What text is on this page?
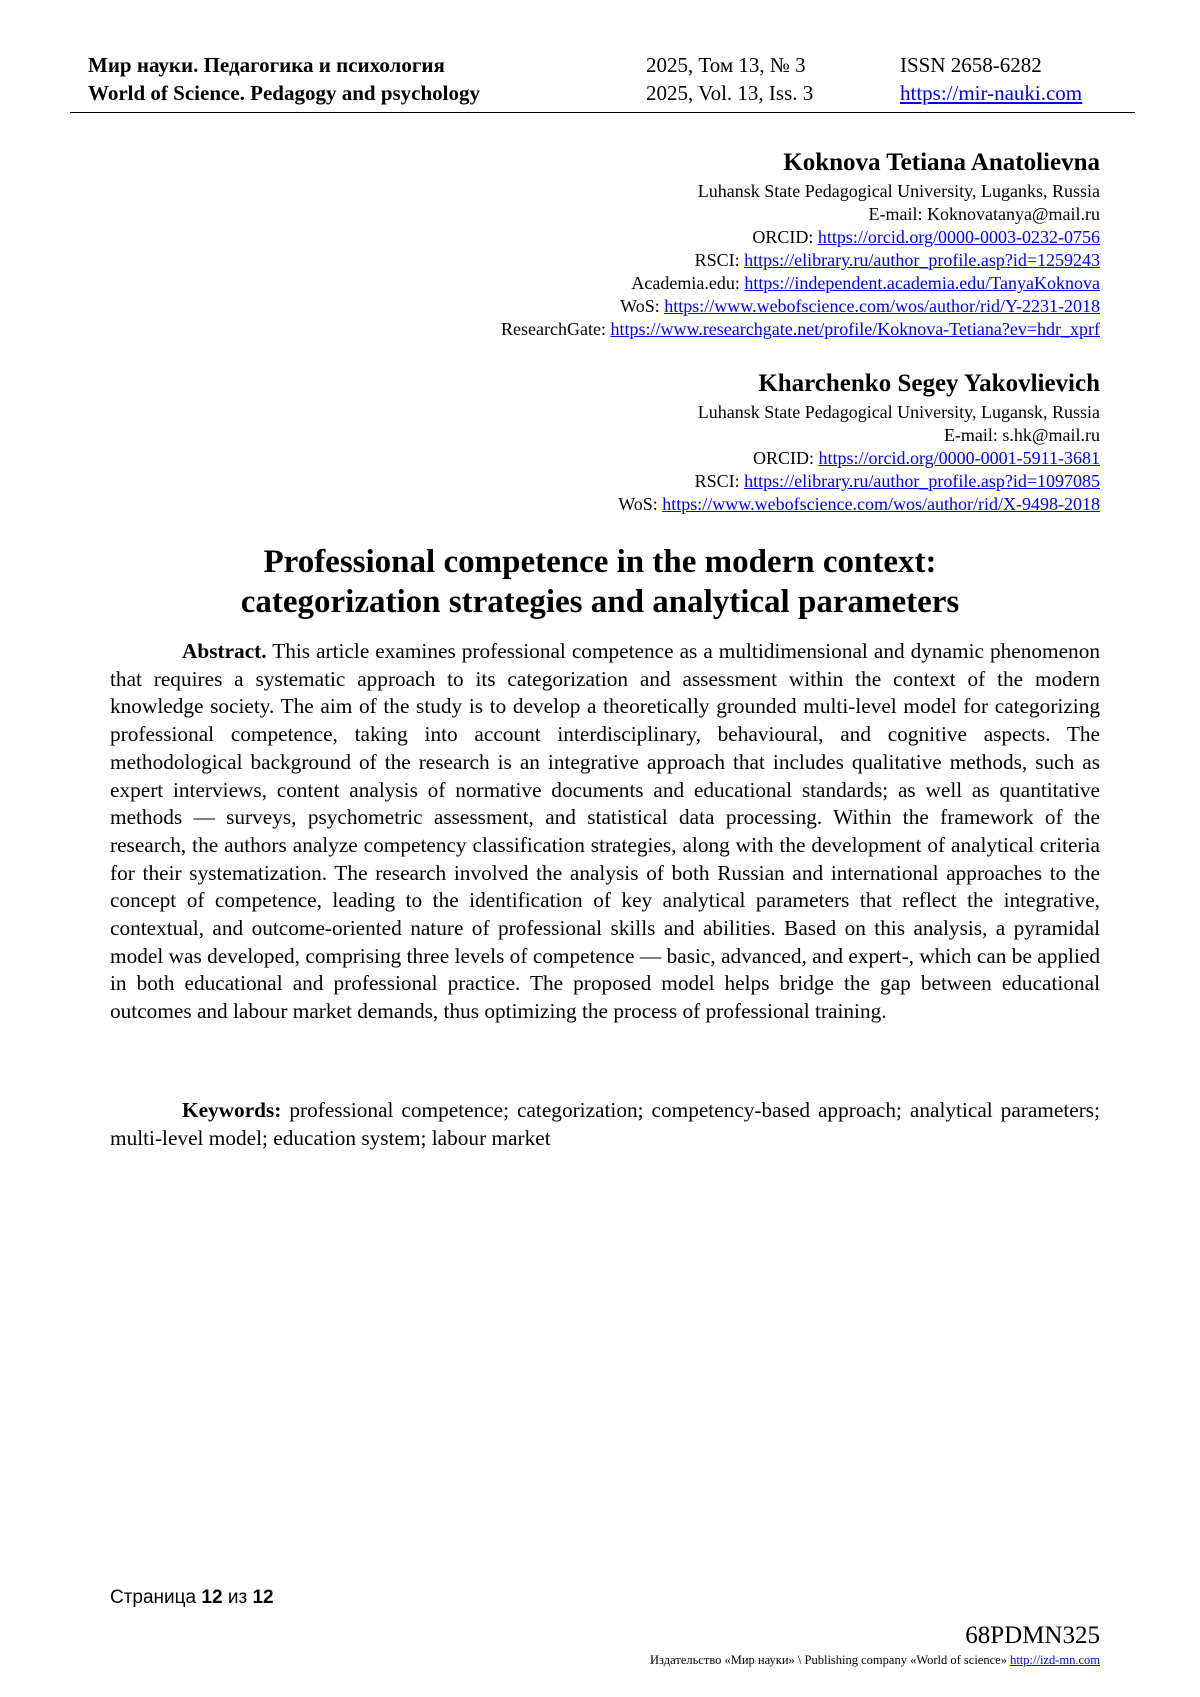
Мир науки. Педагогика и психология	2025, Том 13, № 3	ISSN 2658-6282
World of Science. Pedagogy and psychology	2025, Vol. 13, Iss. 3	https://mir-nauki.com
Koknova Tetiana Anatolievna
Luhansk State Pedagogical University, Luganks, Russia
E-mail: Koknovatanya@mail.ru
ORCID: https://orcid.org/0000-0003-0232-0756
RSCI: https://elibrary.ru/author_profile.asp?id=1259243
Academia.edu: https://independent.academia.edu/TanyaKoknova
WoS: https://www.webofscience.com/wos/author/rid/Y-2231-2018
ResearchGate: https://www.researchgate.net/profile/Koknova-Tetiana?ev=hdr_xprf
Kharchenko Segey Yakovlievich
Luhansk State Pedagogical University, Lugansk, Russia
E-mail: s.hk@mail.ru
ORCID: https://orcid.org/0000-0001-5911-3681
RSCI: https://elibrary.ru/author_profile.asp?id=1097085
WoS: https://www.webofscience.com/wos/author/rid/X-9498-2018
Professional competence in the modern context:
categorization strategies and analytical parameters
Abstract. This article examines professional competence as a multidimensional and dynamic phenomenon that requires a systematic approach to its categorization and assessment within the context of the modern knowledge society. The aim of the study is to develop a theoretically grounded multi-level model for categorizing professional competence, taking into account interdisciplinary, behavioural, and cognitive aspects. The methodological background of the research is an integrative approach that includes qualitative methods, such as expert interviews, content analysis of normative documents and educational standards; as well as quantitative methods — surveys, psychometric assessment, and statistical data processing. Within the framework of the research, the authors analyze competency classification strategies, along with the development of analytical criteria for their systematization. The research involved the analysis of both Russian and international approaches to the concept of competence, leading to the identification of key analytical parameters that reflect the integrative, contextual, and outcome-oriented nature of professional skills and abilities. Based on this analysis, a pyramidal model was developed, comprising three levels of competence — basic, advanced, and expert-, which can be applied in both educational and professional practice. The proposed model helps bridge the gap between educational outcomes and labour market demands, thus optimizing the process of professional training.
Keywords: professional competence; categorization; competency-based approach; analytical parameters; multi-level model; education system; labour market
Страница 12 из 12
68PDMN325
Издательство «Мир науки» \ Publishing company «World of science» http://izd-mn.com
